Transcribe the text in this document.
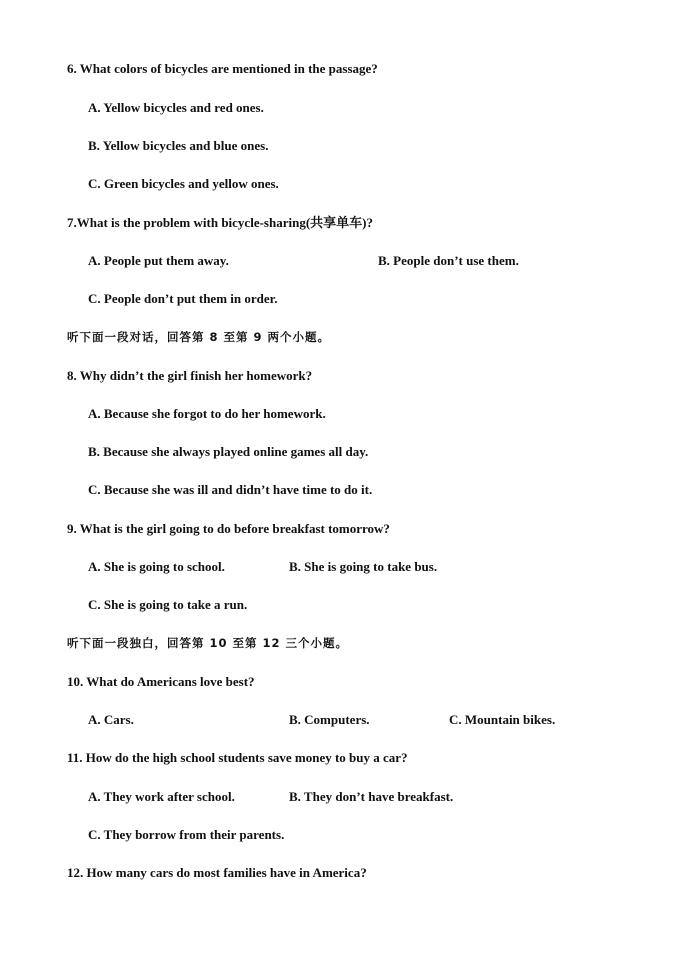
6. What colors of bicycles are mentioned in the passage?
A. Yellow bicycles and red ones.
B. Yellow bicycles and blue ones.
C. Green bicycles and yellow ones.
7.What is the problem with bicycle-sharing(共享单车)?
A. People put them away.	B. People don’t use them.
C. People don’t put them in order.
听下面一段对话，回答第 8 至第 9 两个小题。
8. Why didn’t the girl finish her homework?
A. Because she forgot to do her homework.
B. Because she always played online games all day.
C. Because she was ill and didn’t have time to do it.
9. What is the girl going to do before breakfast tomorrow?
A. She is going to school.	B. She is going to take bus.
C. She is going to take a run.
听下面一段独白，回答第 10 至第 12 三个小题。
10. What do Americans love best?
A. Cars.	B. Computers.	C. Mountain bikes.
11. How do the high school students save money to buy a car?
A. They work after school.	B. They don’t have breakfast.
C. They borrow from their parents.
12. How many cars do most families have in America?
